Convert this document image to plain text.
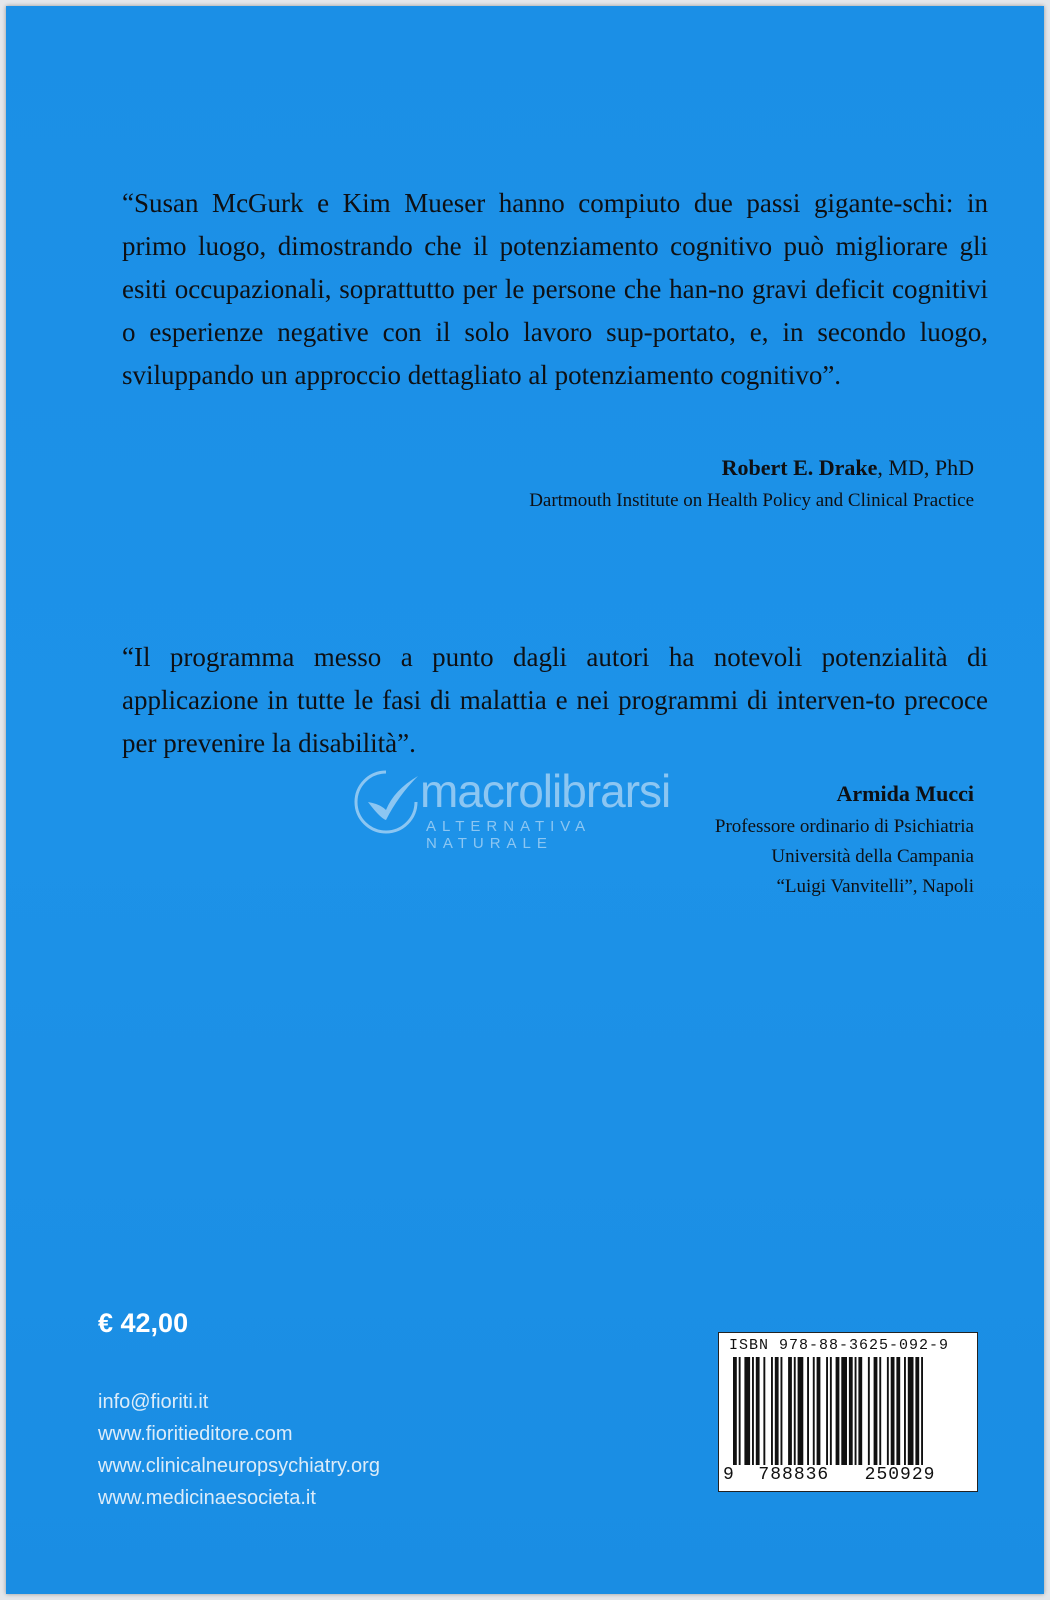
“Susan McGurk e Kim Mueser hanno compiuto due passi gigante-schi: in primo luogo, dimostrando che il potenziamento cognitivo può migliorare gli esiti occupazionali, soprattutto per le persone che han-no gravi deficit cognitivi o esperienze negative con il solo lavoro sup-portato, e, in secondo luogo, sviluppando un approccio dettagliato al potenziamento cognitivo”.

Robert E. Drake, MD, PhD
Dartmouth Institute on Health Policy and Clinical Practice

“Il programma messo a punto dagli autori ha notevoli potenzialità di applicazione in tutte le fasi di malattia e nei programmi di interven-to precoce per prevenire la disabilità”.

Armida Mucci
Professore ordinario di Psichiatria
Università della Campania
“Luigi Vanvitelli”, Napoli
macrolibrarsi
ALTERNATIVA NATURALE
€ 42,00
info@fioriti.it
www.fioritieditore.com
www.clinicalneuropsychiatry.org
www.medicinaesocieta.it
ISBN 978-88-3625-092-9
9 788836 250929
